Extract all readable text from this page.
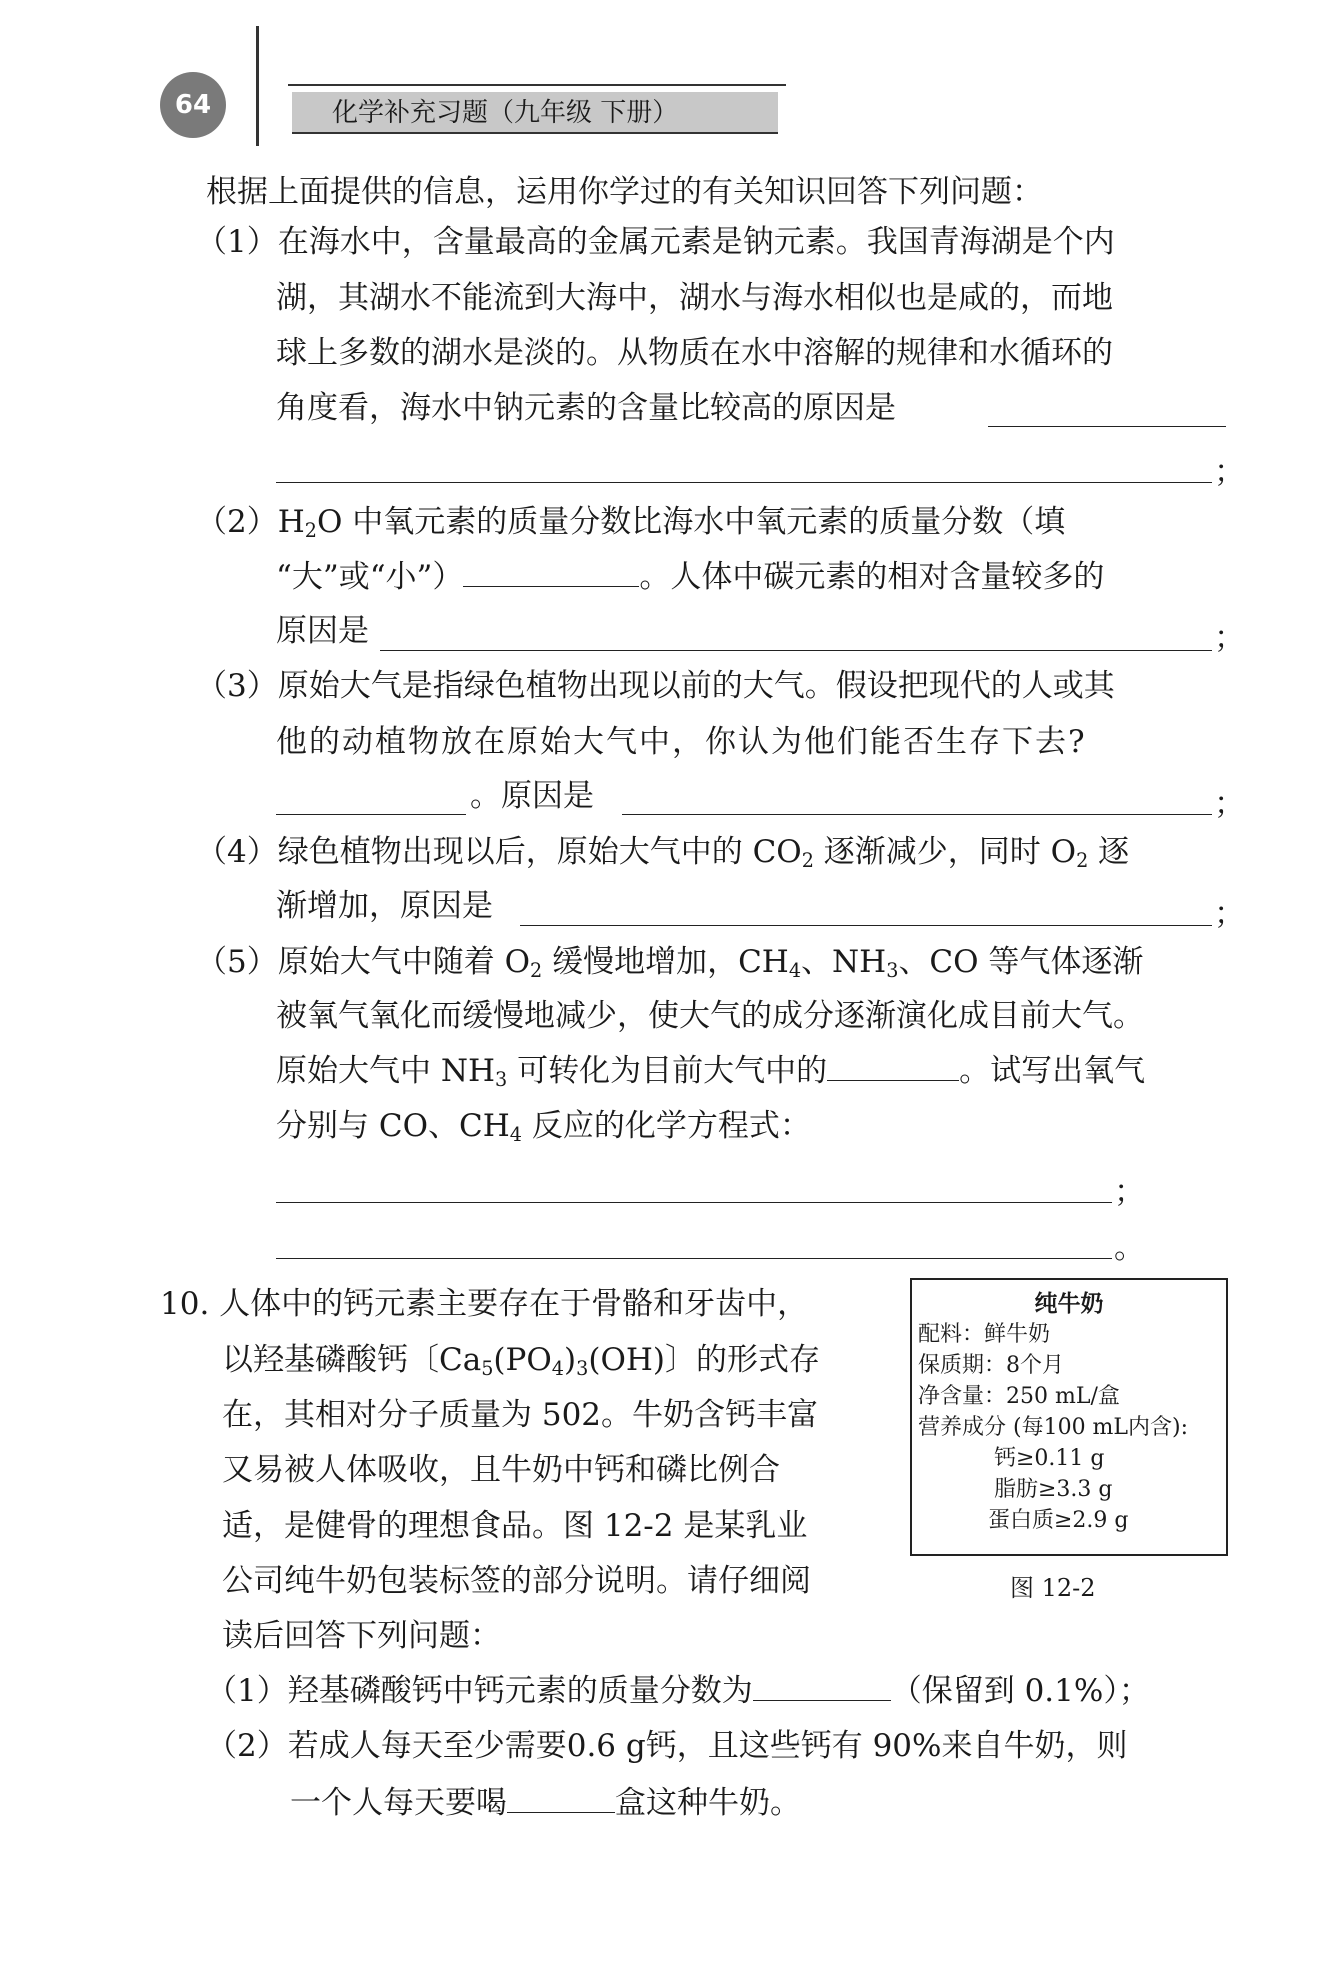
64	化学补充习题（九年级 下册）
根据上面提供的信息，运用你学过的有关知识回答下列问题：
（1）在海水中，含量最高的金属元素是钠元素。我国青海湖是个内
湖，其湖水不能流到大海中，湖水与海水相似也是咸的，而地
球上多数的湖水是淡的。从物质在水中溶解的规律和水循环的
角度看，海水中钠元素的含量比较高的原因是
；
$(2)H_2O$ 中氧元素的质量分数比海水中氧元素的质量分数（填
“大”或“小”）	。人体中碳元素的相对含量较多的
原因是	；
（3）原始大气是指绿色植物出现以前的大气。假设把现代的人或其
他的动植物放在原始大气中，你认为他们能否生存下去?
。原因是	；
（4）绿色植物出现以后，原始大气中的 $CO_2$ 逐渐减少，同时 $O_2$ 逐
渐增加，原因是	；
（5）原始大气中随着 $O_2$ 缓慢地增加，$CH_4$、$NH_3$、CO 等气体逐渐
被氧气氧化而缓慢地减少，使大气的成分逐渐演化成目前大气。
原始大气中 $NH_3$ 可转化为目前大气中的	。试写出氧气
分别与 CO、$CH_4$ 反应的化学方程式：
；
。
10. 人体中的钙元素主要存在于骨骼和牙齿中，
以羟基磷酸钙〔$Ca_5(PO_4)_3(OH)$〕的形式存
在，其相对分子质量为 502。牛奶含钙丰富
又易被人体吸收，且牛奶中钙和磷比例合
适，是健骨的理想食品。图 12-2 是某乳业
公司纯牛奶包装标签的部分说明。请仔细阅
读后回答下列问题：
（1）羟基磷酸钙中钙元素的质量分数为	（保留到 0.1%）；
（2）若成人每天至少需要0.6 g钙，且这些钙有 90%来自牛奶，则
一个人每天要喝	盒这种牛奶。
纯牛奶
配料：鲜牛奶
保质期：8个月
净含量：250 mL/盒
营养成分 (每100 mL内含):
钙≥0.11 g
脂肪≥3.3 g
蛋白质≥2.9 g
图 12-2
